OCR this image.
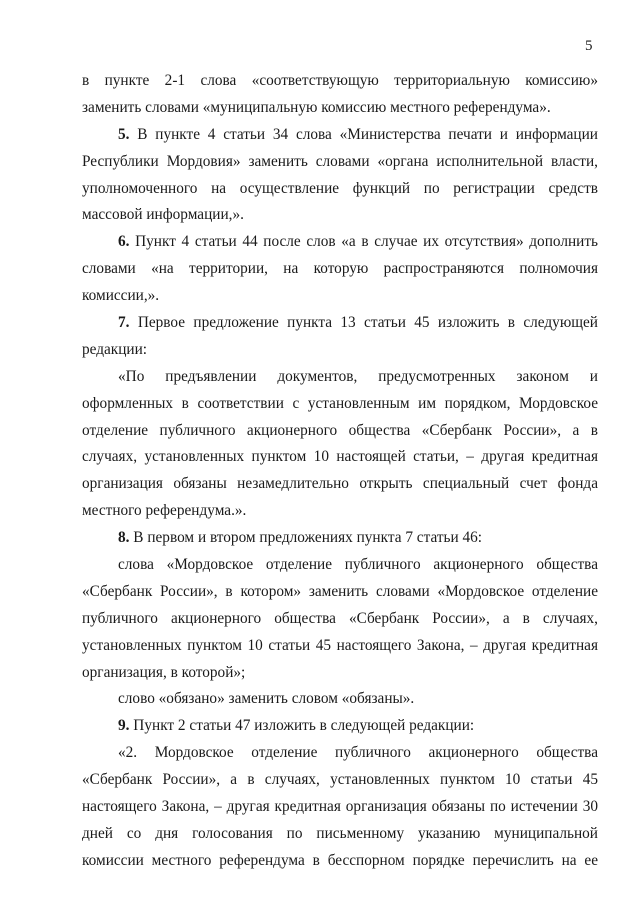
5
в пункте 2-1 слова «соответствующую территориальную комиссию»
заменить словами «муниципальную комиссию местного референдума».
5. В пункте 4 статьи 34 слова «Министерства печати и информации
Республики Мордовия» заменить словами «органа исполнительной власти,
уполномоченного на осуществление функций по регистрации средств
массовой информации,».
6. Пункт 4 статьи 44 после слов «а в случае их отсутствия» дополнить
словами «на территории, на которую распространяются полномочия
комиссии,».
7. Первое предложение пункта 13 статьи 45 изложить в следующей
редакции:
«По предъявлении документов, предусмотренных законом и
оформленных в соответствии с установленным им порядком, Мордовское
отделение публичного акционерного общества «Сбербанк России», а в
случаях, установленных пунктом 10 настоящей статьи, – другая кредитная
организация обязаны незамедлительно открыть специальный счет фонда
местного референдума.».
8. В первом и втором предложениях пункта 7 статьи 46:
слова «Мордовское отделение публичного акционерного общества
«Сбербанк России», в котором» заменить словами «Мордовское отделение
публичного акционерного общества «Сбербанк России», а в случаях,
установленных пунктом 10 статьи 45 настоящего Закона, – другая кредитная
организация, в которой»;
слово «обязано» заменить словом «обязаны».
9. Пункт 2 статьи 47 изложить в следующей редакции:
«2. Мордовское отделение публичного акционерного общества
«Сбербанк России», а в случаях, установленных пунктом 10 статьи 45
настоящего Закона, – другая кредитная организация обязаны по истечении 30
дней со дня голосования по письменному указанию муниципальной
комиссии местного референдума в бесспорном порядке перечислить на ее
